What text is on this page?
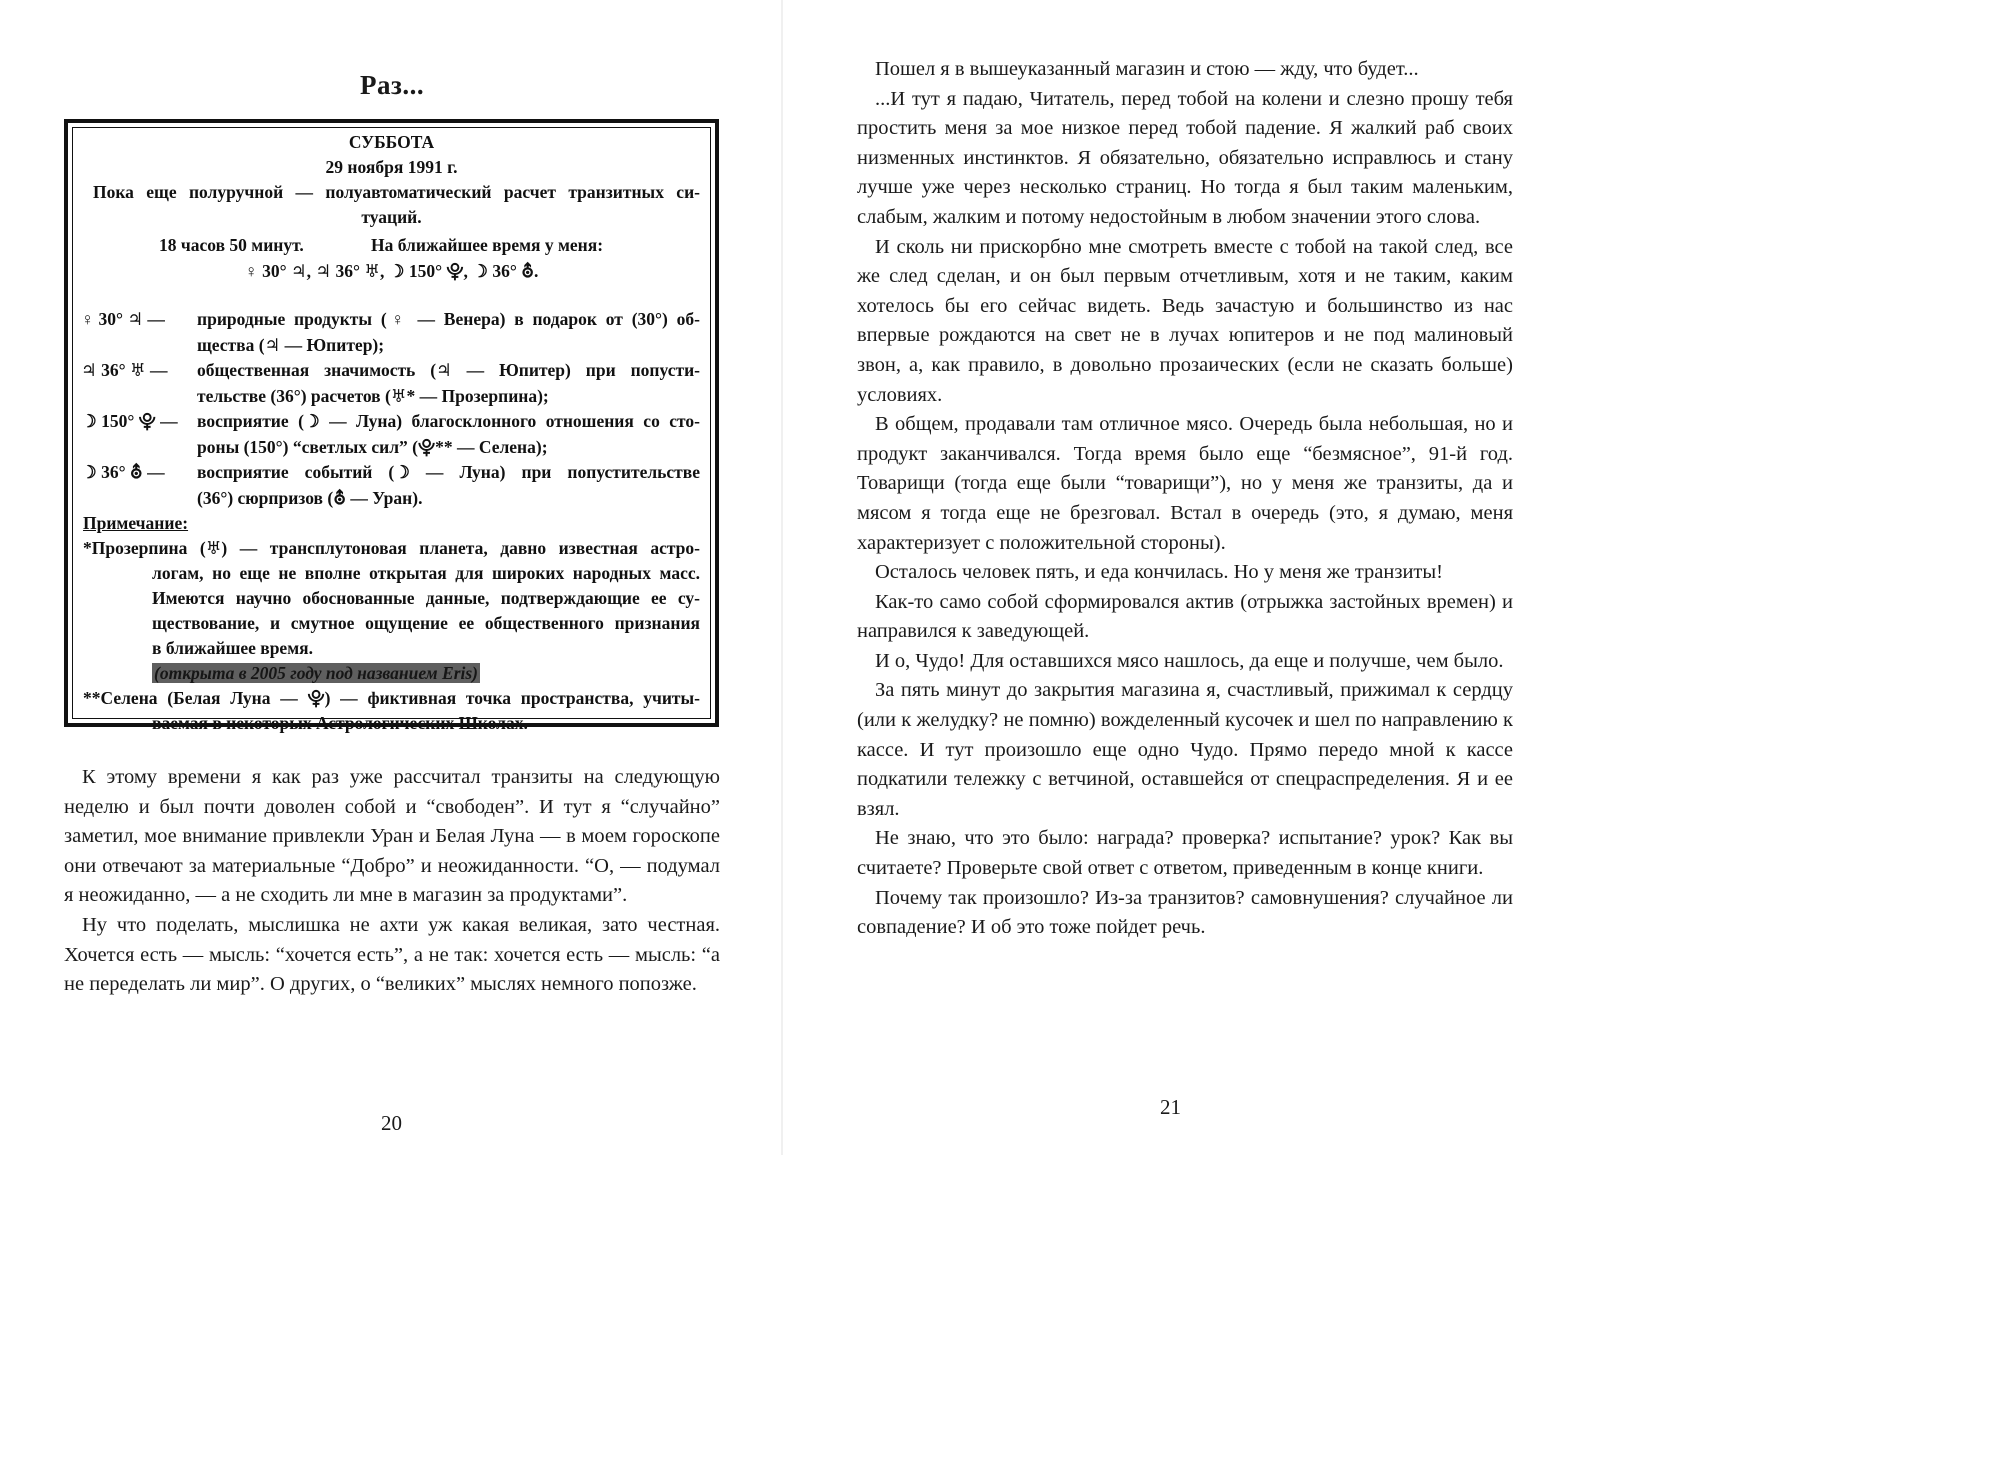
Раз...
СУББОТА
29 ноября 1991 г.
Пока еще полуручной — полуавтоматический расчет транзитных си-
туаций.
18 часов 50 минут.	На ближайшее время у меня:
♀ 30° ♃, ♃ 36° ♅, ☽ 150° ⯓, ☽ 36° ⛢.
♀ 30° ♃ — природные продукты (♀ — Венера) в подарок от (30°) об-
щества (♃ — Юпитер);
♃ 36° ♅ — общественная значимость (♃ — Юпитер) при попусти-
тельстве (36°) расчетов (♅* — Прозерпина);
☽ 150° ⯓ — восприятие (☽ — Луна) благосклонного отношения со сто-
роны (150°) “светлых сил” (⯓** — Селена);
☽ 36° ⛢ — восприятие событий (☽ — Луна) при попустительстве
(36°) сюрпризов (⛢ — Уран).
Примечание:
*Прозерпина (♅) — трансплутоновая планета, давно известная астро-
логам, но еще не вполне открытая для широких народных масс.
Имеются научно обоснованные данные, подтверждающие ее су-
ществование, и смутное ощущение ее общественного признания
в ближайшее время.
(открыта в 2005 году под названием Eris)
**Селена (Белая Луна — ⯓) — фиктивная точка пространства, учиты-
ваемая в некоторых Астрологических Школах.

К этому времени я как раз уже рассчитал транзиты на следующую неделю и был почти доволен собой и “свободен”. И тут я “случайно” заметил, мое внимание привлекли Уран и Белая Луна — в моем гороскопе они отвечают за материальные “Добро” и неожиданности. “О, — подумал я неожиданно, — а не сходить ли мне в магазин за продуктами”.

Ну что поделать, мыслишка не ахти уж какая великая, зато честная. Хочется есть — мысль: “хочется есть”, а не так: хочется есть — мысль: “а не переделать ли мир”. О других, о “великих” мыслях немного попозже.

20

Пошел я в вышеуказанный магазин и стою — жду, что будет...

...И тут я падаю, Читатель, перед тобой на колени и слезно прошу тебя простить меня за мое низкое перед тобой падение. Я жалкий раб своих низменных инстинктов. Я обязательно, обязательно исправлюсь и стану лучше уже через несколько страниц. Но тогда я был таким маленьким, слабым, жалким и потому недостойным в любом значении этого слова.

И сколь ни прискорбно мне смотреть вместе с тобой на такой след, все же след сделан, и он был первым отчетливым, хотя и не таким, каким хотелось бы его сейчас видеть. Ведь зачастую и большинство из нас впервые рождаются на свет не в лучах юпитеров и не под малиновый звон, а, как правило, в довольно прозаических (если не сказать больше) условиях.

В общем, продавали там отличное мясо. Очередь была небольшая, но и продукт заканчивался. Тогда время было еще “безмясное”, 91-й год. Товарищи (тогда еще были “товарищи”), но у меня же транзиты, да и мясом я тогда еще не брезговал. Встал в очередь (это, я думаю, меня характеризует с положительной стороны).

Осталось человек пять, и еда кончилась. Но у меня же транзиты!

Как-то само собой сформировался актив (отрыжка застойных времен) и направился к заведующей.

И о, Чудо! Для оставшихся мясо нашлось, да еще и получше, чем было.

За пять минут до закрытия магазина я, счастливый, прижимал к сердцу (или к желудку? не помню) вожделенный кусочек и шел по направлению к кассе. И тут произошло еще одно Чудо. Прямо передо мной к кассе подкатили тележку с ветчиной, оставшейся от спецраспределения. Я и ее взял.

Не знаю, что это было: награда? проверка? испытание? урок? Как вы считаете? Проверьте свой ответ с ответом, приведенным в конце книги.

Почему так произошло? Из-за транзитов? самовнушения? случайное ли совпадение? И об это тоже пойдет речь.

21
